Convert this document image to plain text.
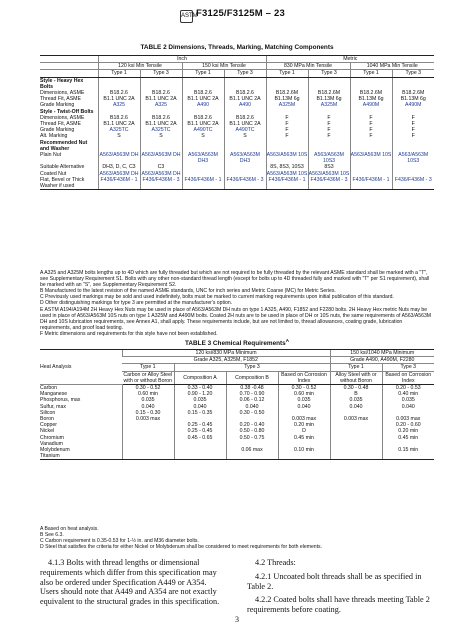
ASTM
F3125/F3125M – 23
TABLE 2 Dimensions, Threads, Marking, Matching Components
	Inch				Metric			
	120 ksi Min Tensile		150 ksi Min Tensile		830 MPa Min Tensile		1040 MPa Min Tensile	
	Type 1	Type 3	Type 1	Type 3	Type 1	Type 3	Type 1	Type 3
Style - Heavy Hex Bolts								
Dimensions, ASME	B18.2.6	B18.2.6	B18.2.6	B18.2.6	B18.2.6M	B18.2.6M	B18.2.6M	B18.2.6M
Thread Fit, ASME	B1.1 UNC 2A	B1.1 UNC 2A	B1.1 UNC 2A	B1.1 UNC 2A	B1.13M 6g	B1.13M 6g	B1.13M 6g	B1.13M 6g
Grade Marking	A325	A325	A490	A490	A325M	A325M	A490M	A490M
Style - Twist-Off Bolts								
Dimensions, ASME	B18.2.6	B18.2.6	B18.2.6	B18.2.6	F	F	F	F
Thread Fit, ASME	B1.1 UNC 2A	B1.1 UNC 2A	B1.1 UNC 2A	B1.1 UNC 2A	F	F	F	F
Grade Marking	A325TC	A325TC	A490TC	A490TC	F	F	F	F
Alt. Marking	S	S	S	S	F	F	F	F
Recommended Nut and Washer								
Plain Nut	A563/A563M DH	A563/A563M DH	A563/A563M DH3	A563/A563M DH3	A563/A563M 10S	A563/A563M 10S3	A563/A563M 10S	A563/A563M 10S3
Suitable Alternative	DH3, D, C, C3	C3			8S, 8S3, 10S3	8S3		
Coated Nut	A563/A563M DH	A563/A563M DH			A563/A563M 10S	A563/A563M 10S		
Flat, Bevel or Thick Washer if used	F436/F436M - 1	F436/F436M - 3	F436/F436M - 1	F436/F436M - 3	F436/F436M - 1	F436/F436M - 3	F436/F436M - 1	F436/F436M - 3

A A325 and A325M bolts lengths up to 4D which are fully threaded but which are not required to be fully threaded by the relevant ASME standard shall be marked with a "T", see Supplementary Requirement S1. Bolts with any other non-standard thread length (except for bolts up to 4D threaded fully and marked with "T" per S1 requirement), shall be marked with an "S", see Supplementary Requirement S2.

B Manufactured to the latest revision of the named ASME standards, UNC for inch series and Metric Coarse (MC) for Metric Series.

C Previously used markings may be sold and used indefinitely, bolts must be marked to current marking requirements upon initial publication of this standard.

D Other distinguishing markings for type 3 are permitted at the manufacturer's option.

E ASTM A194/A194M 2H Heavy Hex Nuts may be used in place of A563/A563M DH nuts on type 1 A325, A490, F1852 and F2280 bolts. 2H Heavy Hex metric Nuts may be used in place of A563/A563M 10S nuts on type 1 A325M and A490M bolts. Coated 2H nuts are to be used in place of DH or 10S nuts, the same requirements of A563/A563M DH and 10S lubrication requirements, see Annex A1, shall apply. These requirements include, but are not limited to, thread allowances, coating grade, lubrication requirements, and proof load testing.

F Metric dimensions and requirements for this style have not been established.

TABLE 3 Chemical Requirements$^A$
Heat Analysis	120 ksi/830 MPa Minimum				150 ksi/1040 MPa Minimum	
	Grade A325, A325M, F1852				Grade A490, A490M, F2280	
	Type 1	Type 3			Type 1	Type 3
	Carbon or Alloy Steel with or without Boron	Composition A	Composition B	Based on Corrosion Index	Alloy Steel with or without Boron	Based on Corrosion Index
Carbon	0.30 - 0.52	0.33 - 0.40	0.38 -0.48	0.30 - 0.52	0.30 - 0.48	0.20 - 0.53
Manganese	0.60 min	0.90 - 1.20	0.70 - 0.90	0.60 min	B	0.40 min
Phosphorus, max	0.035	0.035	0.06 - 0.12	0.035	0.035	0.035
Sulfur, max	0.040	0.040	0.040	0.040	0.040	0.040
Silicon	0.15 - 0.30	0.15 - 0.35	0.30 - 0.50			
Boron	0.003 max			0.003 max	0.003 max	0.003 max
Copper		0.25 - 0.45	0.20 - 0.40	0.20 min		0.20 - 0.60
Nickel		0.25 - 0.45	0.50 - 0.80	D		0.20 min
Chromium		0.45 - 0.65	0.50 - 0.75	0.45 min		0.45 min
Vanadium						
Molybdenum			0.06 max	0.10 min		0.15 min
Titanium						

A Based on heat analysis.

B See 6.3.

C Carbon requirement is 0.35-0.53 for 1-½ in. and M36 diameter bolts.

D Steel that satisfies the criteria for either Nickel or Molybdenum shall be considered to meet requirements for both elements.

4.1.3 Bolts with thread lengths or dimensional requirements which differ from this specification may also be ordered under Specification A449 or A354. Users should note that A449 and A354 are not exactly equivalent to the structural grades in this specification.

4.2 Threads:

4.2.1 Uncoated bolt threads shall be as specified in Table 2.

4.2.2 Coated bolts shall have threads meeting Table 2 requirements before coating.

3
